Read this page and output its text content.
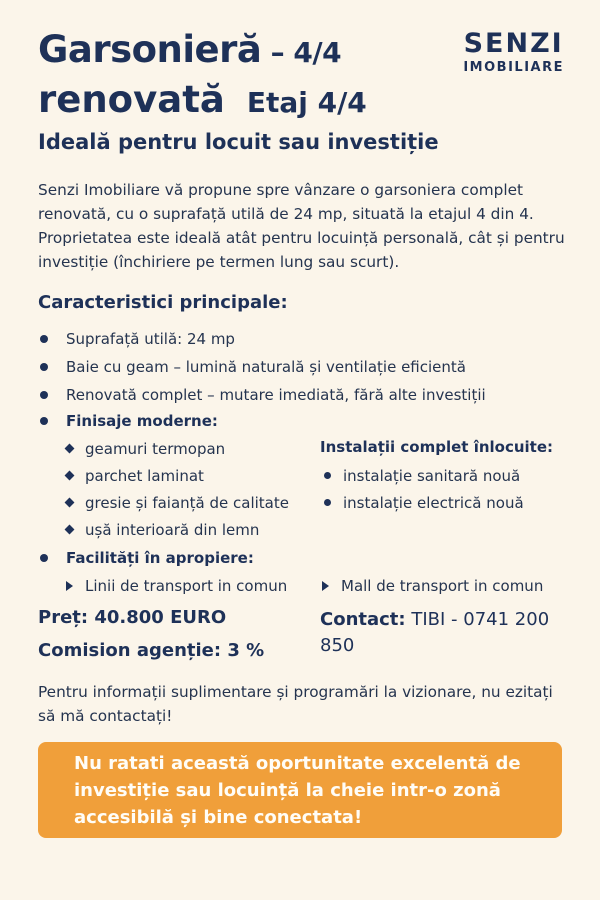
Garsonieră – 4/4
renovată Etaj 4/4
SENZI
IMOBILIARE
Ideală pentru locuit sau investiție
Senzi Imobiliare vă propune spre vânzare o garsoniera complet renovată, cu o suprafață utilă de 24 mp, situată la etajul 4 din 4. Proprietatea este ideală atât pentru locuință personală, cât și pentru investiție (închiriere pe termen lung sau scurt).
Caracteristici principale:
Suprafață utilă: 24 mp
Baie cu geam – lumină naturală și ventilație eficientă
Renovată complet – mutare imediată, fără alte investiții
Finisaje moderne:
geamuri termopan
parchet laminat
gresie și faianță de calitate
ușă interioară din lemn
Instalații complet înlocuite:
instalație sanitară nouă
instalație electrică nouă
Facilități în apropiere:
Linii de transport in comun	Mall de transport in comun
Preț: 40.800 EURO
Comision agenție: 3 %
Contact: TIBI - 0741 200 850
Pentru informații suplimentare și programări la vizionare, nu ezitați să mă contactați!
Nu ratati această oportunitate excelentă de investiție sau locuință la cheie intr-o zonă accesibilă și bine conectata!
